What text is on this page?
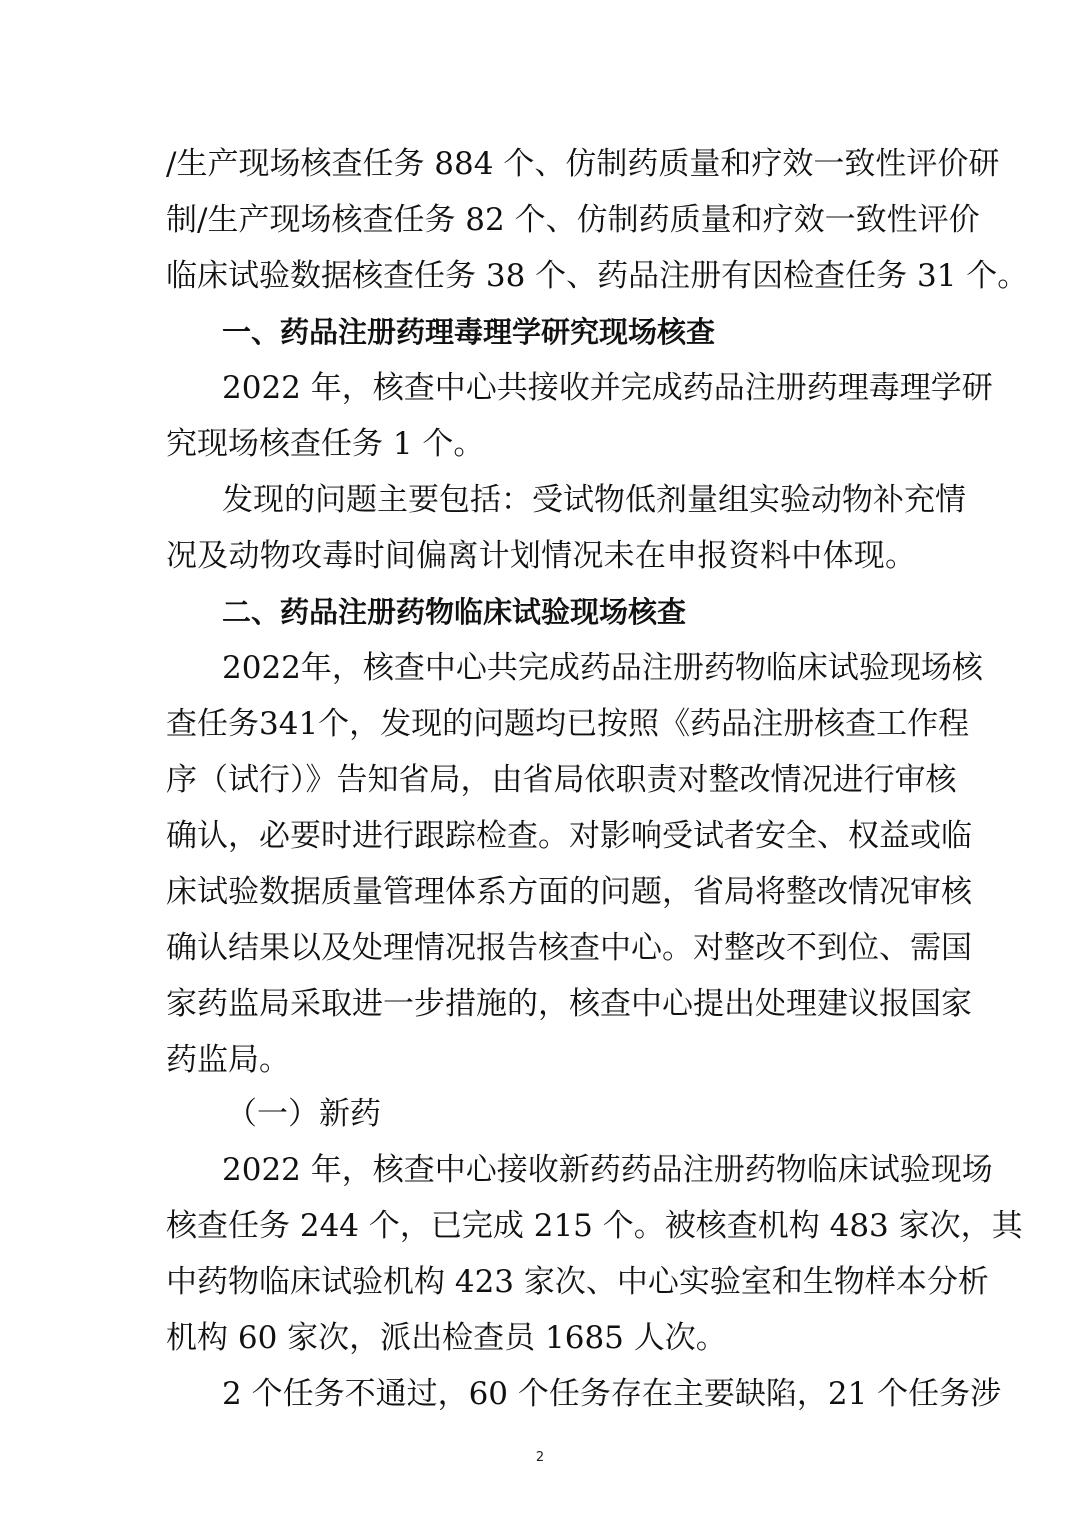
/生产现场核查任务 884 个、仿制药质量和疗效一致性评价研
制/生产现场核查任务 82 个、仿制药质量和疗效一致性评价
临床试验数据核查任务 38 个、药品注册有因检查任务 31 个。
一、药品注册药理毒理学研究现场核查
2022 年，核查中心共接收并完成药品注册药理毒理学研
究现场核查任务 1 个。
发现的问题主要包括：受试物低剂量组实验动物补充情
况及动物攻毒时间偏离计划情况未在申报资料中体现。
二、药品注册药物临床试验现场核查
2022年，核查中心共完成药品注册药物临床试验现场核
查任务341个，发现的问题均已按照《药品注册核查工作程
序（试行）》告知省局，由省局依职责对整改情况进行审核
确认，必要时进行跟踪检查。对影响受试者安全、权益或临
床试验数据质量管理体系方面的问题，省局将整改情况审核
确认结果以及处理情况报告核查中心。对整改不到位、需国
家药监局采取进一步措施的，核查中心提出处理建议报国家
药监局。
（一）新药
2022 年，核查中心接收新药药品注册药物临床试验现场
核查任务 244 个，已完成 215 个。被核查机构 483 家次，其
中药物临床试验机构 423 家次、中心实验室和生物样本分析
机构 60 家次，派出检查员 1685 人次。
2 个任务不通过，60 个任务存在主要缺陷，21 个任务涉
2
